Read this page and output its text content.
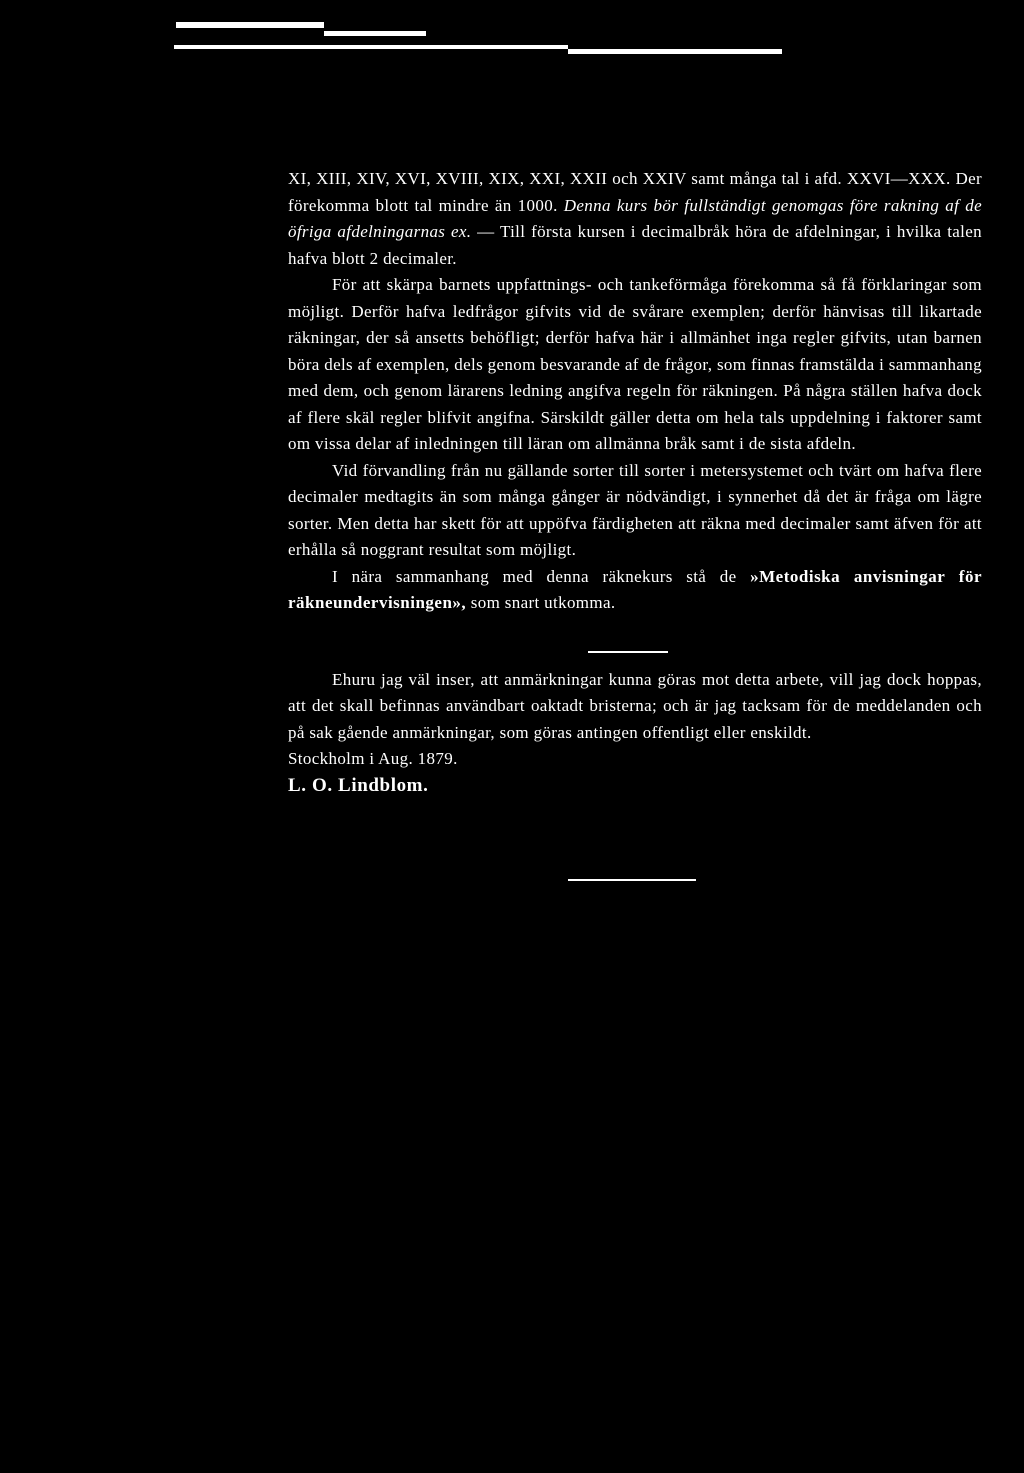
XI, XIII, XIV, XVI, XVIII, XIX, XXI, XXII och XXIV samt många tal i afd. XXVI—XXX. Der förekomma blott tal mindre än 1000. Denna kurs bör fullständigt genomgas före rakning af de öfriga afdelningarnas ex. — Till första kursen i decimalbråk höra de afdelningar, i hvilka talen hafva blott 2 decimaler.

För att skärpa barnets uppfattnings- och tankeförmåga förekomma så få förklaringar som möjligt. Derför hafva ledfrågor gifvits vid de svårare exemplen; derför hänvisas till likartade räkningar, der så ansetts behöfligt; derför hafva här i allmänhet inga regler gifvits, utan barnen böra dels af exemplen, dels genom besvarande af de frågor, som finnas framstälda i sammanhang med dem, och genom lärarens ledning angifva regeln för räkningen. På några ställen hafva dock af flere skäl regler blifvit angifna. Särskildt gäller detta om hela tals uppdelning i faktorer samt om vissa delar af inledningen till läran om allmänna bråk samt i de sista afdeln.

Vid förvandling från nu gällande sorter till sorter i metersystemet och tvärt om hafva flere decimaler medtagits än som många gånger är nödvändigt, i synnerhet då det är fråga om lägre sorter. Men detta har skett för att uppöfva färdigheten att räkna med decimaler samt äfven för att erhålla så noggrant resultat som möjligt.

I nära sammanhang med denna räknekurs stå de »Metodiska anvisningar för räkneundervisningen», som snart utkomma.

Ehuru jag väl inser, att anmärkningar kunna göras mot detta arbete, vill jag dock hoppas, att det skall befinnas användbart oaktadt bristerna; och är jag tacksam för de meddelanden och på sak gående anmärkningar, som göras antingen offentligt eller enskildt.

Stockholm i Aug. 1879.

L. O. Lindblom.
